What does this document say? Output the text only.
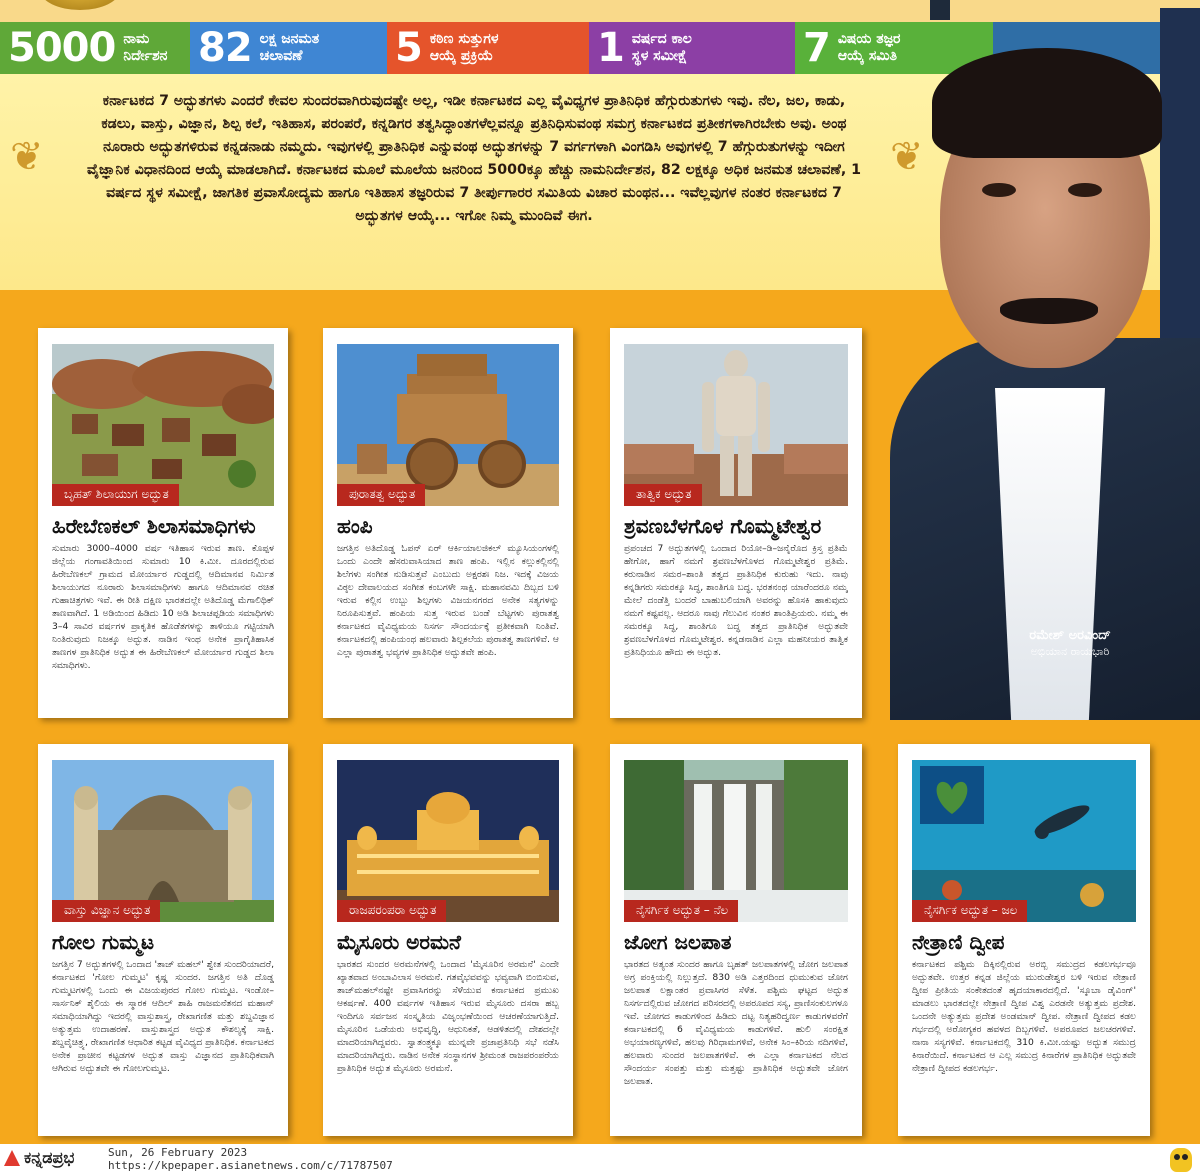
5000 ನಾಮ
ನಿರ್ದೇಶನ 82 ಲಕ್ಷ ಜನಮತ
ಚಲಾವಣೆ	5 ಕಠಿಣ ಸುತ್ತುಗಳ
ಆಯ್ಕೆ ಪ್ರಕ್ರಿಯೆ	1 ವರ್ಷದ ಕಾಲ
ಸ್ಥಳ ಸಮೀಕ್ಷೆ	7 ವಿಷಯ ತಜ್ಞರ
ಆಯ್ಕೆ ಸಮಿತಿ
❦	❦

ಕರ್ನಾಟಕದ 7 ಅದ್ಭುತಗಳು ಎಂದರೆ ಕೇವಲ ಸುಂದರವಾಗಿರುವುದಷ್ಟೇ ಅಲ್ಲ, ಇಡೀ ಕರ್ನಾಟಕದ ಎಲ್ಲ ವೈವಿಧ್ಯಗಳ ಪ್ರಾತಿನಿಧಿಕ ಹೆಗ್ಗುರುತುಗಳು ಇವು. ನೆಲ, ಜಲ, ಕಾಡು, ಕಡಲು, ವಾಸ್ತು, ವಿಜ್ಞಾನ, ಶಿಲ್ಪ ಕಲೆ, ಇತಿಹಾಸ, ಪರಂಪರೆ, ಕನ್ನಡಿಗರ ತತ್ವಸಿದ್ಧಾಂತಗಳೆಲ್ಲವನ್ನೂ ಪ್ರತಿನಿಧಿಸುವಂಥ ಸಮಗ್ರ ಕರ್ನಾಟಕದ ಪ್ರತೀಕಗಳಾಗಿರಬೇಕು ಅವು. ಅಂಥ ನೂರಾರು ಅದ್ಭುತಗಳಿರುವ ಕನ್ನಡನಾಡು ನಮ್ಮದು. ಇವುಗಳಲ್ಲಿ ಪ್ರಾತಿನಿಧಿಕ ಎನ್ನುವಂಥ ಅದ್ಭುತಗಳನ್ನು 7 ವರ್ಗಗಳಾಗಿ ವಿಂಗಡಿಸಿ ಅವುಗಳಲ್ಲಿ 7 ಹೆಗ್ಗುರುತುಗಳನ್ನು ಇದೀಗ ವೈಜ್ಞಾನಿಕ ವಿಧಾನದಿಂದ ಆಯ್ಕೆ ಮಾಡಲಾಗಿದೆ. ಕರ್ನಾಟಕದ ಮೂಲೆ ಮೂಲೆಯ ಜನರಿಂದ 5000ಕ್ಕೂ ಹೆಚ್ಚು ನಾಮನಿರ್ದೇಶನ, 82 ಲಕ್ಷಕ್ಕೂ ಅಧಿಕ ಜನಮತ ಚಲಾವಣೆ, 1 ವರ್ಷದ ಸ್ಥಳ ಸಮೀಕ್ಷೆ, ಜಾಗತಿಕ ಪ್ರವಾಸೋದ್ಯಮ ಹಾಗೂ ಇತಿಹಾಸ ತಜ್ಞರಿರುವ 7 ತೀರ್ಪುಗಾರರ ಸಮಿತಿಯ ವಿಚಾರ ಮಂಥನ... ಇವೆಲ್ಲವುಗಳ ನಂತರ ಕರ್ನಾಟಕದ 7 ಅದ್ಭುತಗಳ ಆಯ್ಕೆ... ಇಗೋ ನಿಮ್ಮ ಮುಂದಿವೆ ಈಗ.

ರಮೇಶ್ ಅರವಿಂದ್
ಅಭಿಯಾನ ರಾಯಭಾರಿ
ಬೃಹತ್ ಶಿಲಾಯುಗ ಅದ್ಭುತ
ಹಿರೇಬೆಣಕಲ್ ಶಿಲಾಸಮಾಧಿಗಳು

ಸುಮಾರು 3000–4000 ವರ್ಷ ಇತಿಹಾಸ ಇರುವ ತಾಣ. ಕೊಪ್ಪಳ ಜಿಲ್ಲೆಯ ಗಂಗಾವತಿಯಿಂದ ಸುಮಾರು 10 ಕಿ.ಮೀ. ದೂರದಲ್ಲಿರುವ ಹಿರೇಬೆಣಕಲ್ ಗ್ರಾಮದ ಮೋರ್ಯಾರ ಗುಡ್ಡದಲ್ಲಿ ಆದಿಮಾನವ ನಿರ್ಮಿತ ಶಿಲಾಯುಗದ ನೂರಾರು ಶಿಲಾಸಮಾಧಿಗಳು ಹಾಗೂ ಆದಿಮಾನವ ರಚಿತ ಗುಹಾಚಿತ್ರಗಳು ಇವೆ. ಈ ರೀತಿ ದಕ್ಷಿಣ ಭಾರತದಲ್ಲೇ ಅತಿದೊಡ್ಡ ಮೆಗಾಲಿಥಿಕ್ ತಾಣವಾಗಿದೆ. 1 ಅಡಿಯಿಂದ ಹಿಡಿದು 10 ಅಡಿ ಶಿಲಾಚಪ್ಪಡಿಯ ಸಮಾಧಿಗಳು 3–4 ಸಾವಿರ ವರ್ಷಗಳ ಪ್ರಾಕೃತಿಕ ಹೊಡೆತಗಳನ್ನು ತಾಳಿಯೂ ಗಟ್ಟಿಯಾಗಿ ನಿಂತಿರುವುದು ನಿಜಕ್ಕೂ ಅದ್ಭುತ. ನಾಡಿನ ಇಂಥ ಅನೇಕ ಪ್ರಾಗೈತಿಹಾಸಿಕ ತಾಣಗಳ ಪ್ರಾತಿನಿಧಿಕ ಅದ್ಭುತ ಈ ಹಿರೇಬೆಣಕಲ್ ಮೋರ್ಯಾರ ಗುಡ್ಡದ ಶಿಲಾ ಸಮಾಧಿಗಳು.

ಪುರಾತತ್ವ ಅದ್ಭುತ
ಹಂಪಿ

ಜಗತ್ತಿನ ಅತಿದೊಡ್ಡ ಓಪನ್ ಏರ್ ಆರ್ಕಿಯಾಲಜಿಕಲ್ ಮ್ಯೂಸಿಯಂಗಳಲ್ಲಿ ಒಂದು ಎಂದೇ ಹೆಸರುವಾಸಿಯಾದ ತಾಣ ಹಂಪಿ. ಇಲ್ಲಿನ ಕಲ್ಲುಕಲ್ಲಿನಲ್ಲಿ ಶಿಲೆಗಳು ಸಂಗೀತ ನುಡಿಸುತ್ತವೆ ಎಂಬುದು ಅಕ್ಷರಶಃ ನಿಜ. ಇದಕ್ಕೆ ವಿಜಯ ವಿಠ್ಠಲ ದೇವಾಲಯದ ಸಂಗೀತ ಕಂಬಗಳೇ ಸಾಕ್ಷಿ. ಮಹಾನವಮಿ ದಿಬ್ಬದ ಬಳಿ ಇರುವ ಕಲ್ಲಿನ ಉಬ್ಬು ಶಿಲ್ಪಗಳು ವಿಜಯನಗರದ ಅನೇಕ ಸತ್ಯಗಳನ್ನು ನಿರೂಪಿಸುತ್ತವೆ. ಹಂಪಿಯ ಸುತ್ತ ಇರುವ ಬಂಡೆ ಬೆಟ್ಟಗಳು ಪುರಾತತ್ವ ಕರ್ನಾಟಕದ ವೈವಿಧ್ಯಮಯ ನಿಸರ್ಗ ಸೌಂದರ್ಯಕ್ಕೆ ಪ್ರತೀಕವಾಗಿ ನಿಂತಿವೆ. ಕರ್ನಾಟಕದಲ್ಲಿ ಹಂಪಿಯಂಥ ಹಲವಾರು ಶಿಲ್ಪಕಲೆಯ ಪುರಾತತ್ವ ತಾಣಗಳಿವೆ. ಆ ಎಲ್ಲಾ ಪುರಾತತ್ವ ಭವ್ಯಗಳ ಪ್ರಾತಿನಿಧಿಕ ಅದ್ಭುತವೇ ಹಂಪಿ.

ತಾತ್ವಿಕ ಅದ್ಭುತ
ಶ್ರವಣಬೆಳಗೊಳ ಗೊಮ್ಮಟೇಶ್ವರ

ಪ್ರಪಂಚದ 7 ಅದ್ಭುತಗಳಲ್ಲಿ ಒಂದಾದ ರಿಯೋ–ಡಿ–ಜನೈರೊದ ಕ್ರಿಸ್ತ ಪ್ರತಿಮೆ ಹೇಗೋ, ಹಾಗೆ ನಮಗೆ ಶ್ರವಣಬೆಳಗೊಳದ ಗೊಮ್ಮಟೇಶ್ವರ ಪ್ರತಿಮೆ. ಕರುನಾಡಿನ ಸಮರ–ಶಾಂತಿ ತತ್ವದ ಪ್ರಾತಿನಿಧಿಕ ಕುರುಹು ಇದು. ನಾವು ಕನ್ನಡಿಗರು ಸಮರಕ್ಕೂ ಸಿದ್ಧ, ಶಾಂತಿಗೂ ಬದ್ಧ. ಭರತನಂಥ ಯಾರೆಂದರೂ ನಮ್ಮ ಮೇಲೆ ದಂಡೆತ್ತಿ ಬಂದರೆ ಬಾಹುಬಲಿಯಾಗಿ ಅವರನ್ನು ಹೊಸಕಿ ಹಾಕುವುದು ನಮಗೆ ಕಷ್ಟವಲ್ಲ. ಆದರೂ ನಾವು ಗೆಲುವಿನ ನಂತರ ಶಾಂತಿಪ್ರಿಯರು. ನಮ್ಮ ಈ ಸಮರಕ್ಕೂ ಸಿದ್ಧ, ಶಾಂತಿಗೂ ಬದ್ಧ ತತ್ವದ ಪ್ರಾತಿನಿಧಿಕ ಅದ್ಭುತವೇ ಶ್ರವಣಬೆಳಗೊಳದ ಗೊಮ್ಮಟೇಶ್ವರ. ಕನ್ನಡನಾಡಿನ ಎಲ್ಲಾ ಮಹನೀಯರ ತಾತ್ವಿಕ ಪ್ರತಿನಿಧಿಯೂ ಹೌದು ಈ ಅದ್ಭುತ.

ವಾಸ್ತು ವಿಜ್ಞಾನ ಅದ್ಭುತ
ಗೋಲ ಗುಮ್ಮಟ

ಜಗತ್ತಿನ 7 ಅದ್ಭುತಗಳಲ್ಲಿ ಒಂದಾದ 'ತಾಜ್ ಮಹಲ್' ಶ್ವೇತ ಸುಂದರಿಯಾದರೆ, ಕರ್ನಾಟಕದ 'ಗೋಲ ಗುಮ್ಮಟ' ಕೃಷ್ಣ ಸುಂದರ. ಜಗತ್ತಿನ ಅತಿ ದೊಡ್ಡ ಗುಮ್ಮಟಗಳಲ್ಲಿ ಒಂದು ಈ ವಿಜಯಪುರದ ಗೋಲ ಗುಮ್ಮಟ. ಇಂಡೋ–ಸಾರ್ಸನಿಕ್ ಶೈಲಿಯ ಈ ಸ್ಮಾರಕ ಆದಿಲ್ ಶಾಹಿ ರಾಜಮನೆತನದ ಮಹಾನ್ ಸಮಾಧಿಯಾಗಿದ್ದು ಇದರಲ್ಲಿ ವಾಸ್ತುಶಾಸ್ತ್ರ, ರೇಖಾಗಣಿತ ಮತ್ತು ಶಬ್ದವಿಜ್ಞಾನ ಅತ್ಯುತ್ತಮ ಉದಾಹರಣೆ. ವಾಸ್ತುಶಾಸ್ತ್ರದ ಅದ್ಭುತ ಕೌಶಲ್ಯಕ್ಕೆ ಸಾಕ್ಷಿ. ಶಬ್ದವೈಚಿತ್ರ್ಯ, ರೇಖಾಗಣಿತ ಆಧಾರಿತ ಕಟ್ಟಡ ವೈವಿಧ್ಯದ ಪ್ರಾತಿನಿಧಿಕ. ಕರ್ನಾಟಕದ ಅನೇಕ ಪ್ರಾಚೀನ ಕಟ್ಟಡಗಳ ಅದ್ಭುತ ವಾಸ್ತು ವಿಜ್ಞಾನದ ಪ್ರಾತಿನಿಧಿಕವಾಗಿ ಆಗಿರುವ ಅದ್ಭುತವೇ ಈ ಗೋಲಗುಮ್ಮಟ.

ರಾಜಪರಂಪರಾ ಅದ್ಭುತ
ಮೈಸೂರು ಅರಮನೆ

ಭಾರತದ ಸುಂದರ ಅರಮನೆಗಳಲ್ಲಿ ಒಂದಾದ 'ಮೈಸೂರಿನ ಅರಮನೆ' ಎಂದೇ ಖ್ಯಾತವಾದ ಅಂಬಾವಿಲಾಸ ಅರಮನೆ. ಗತವೈಭವವನ್ನು ಭವ್ಯವಾಗಿ ಬಿಂಬಿಸುವ, ತಾಜ್‌ಮಹಲ್‌ನಷ್ಟೇ ಪ್ರವಾಸಿಗರನ್ನು ಸೆಳೆಯುವ ಕರ್ನಾಟಕದ ಪ್ರಮುಖ ಆಕರ್ಷಣೆ. 400 ವರ್ಷಗಳ ಇತಿಹಾಸ ಇರುವ ಮೈಸೂರು ದಸರಾ ಹಬ್ಬ ಇಂದಿಗೂ ಸರ್ವಜನ ಸಂಸ್ಕೃತಿಯ ವಿಜೃಂಭಣೆಯಿಂದ ಆಚರಣೆಯಾಗುತ್ತಿದೆ. ಮೈಸೂರಿನ ಒಡೆಯರು ಅಭಿವೃದ್ಧಿ, ಆಧುನಿಕತೆ, ಆಡಳಿತದಲ್ಲಿ ದೇಶದಲ್ಲೇ ಮಾದರಿಯಾಗಿದ್ದವರು. ಸ್ವಾತಂತ್ರ್ಯಕ್ಕೂ ಮುನ್ನವೇ ಪ್ರಜಾಪ್ರತಿನಿಧಿ ಸಭೆ ನಡೆಸಿ ಮಾದರಿಯಾಗಿದ್ದರು. ನಾಡಿನ ಅನೇಕ ಸಂಸ್ಥಾನಗಳ ಶ್ರೀಮಂತ ರಾಜಪರಂಪರೆಯ ಪ್ರಾತಿನಿಧಿಕ ಅದ್ಭುತ ಮೈಸೂರು ಅರಮನೆ.

ನೈಸರ್ಗಿಕ ಅದ್ಭುತ – ನೆಲ
ಜೋಗ ಜಲಪಾತ

ಭಾರತದ ಅತ್ಯಂತ ಸುಂದರ ಹಾಗೂ ಬೃಹತ್ ಜಲಪಾತಗಳಲ್ಲಿ ಜೋಗ ಜಲಪಾತ ಅಗ್ರ ಪಂಕ್ತಿಯಲ್ಲಿ ನಿಲ್ಲುತ್ತದೆ. 830 ಅಡಿ ಎತ್ತರದಿಂದ ಧುಮುಕುವ ಜೋಗ ಜಲಪಾತ ಲಕ್ಷಾಂತರ ಪ್ರವಾಸಿಗರ ಸೆಳೆತ. ಪಶ್ಚಿಮ ಘಟ್ಟದ ಅದ್ಭುತ ನಿಸರ್ಗದಲ್ಲಿರುವ ಜೋಗದ ಪರಿಸರದಲ್ಲಿ ಅಪರೂಪದ ಸಸ್ಯ, ಪ್ರಾಣಿಸಂಕುಲಗಳೂ ಇವೆ. ಜೋಗದ ಕಾಡುಗಳಿಂದ ಹಿಡಿದು ದಟ್ಟ ನಿತ್ಯಹರಿದ್ವರ್ಣ ಕಾಡುಗಳವರೆಗೆ ಕರ್ನಾಟಕದಲ್ಲಿ 6 ವೈವಿಧ್ಯಮಯ ಕಾಡುಗಳಿವೆ. ಹುಲಿ ಸಂರಕ್ಷಿತ ಅಭಯಾರಣ್ಯಗಳಿವೆ, ಹಲವು ಗಿರಿಧಾಮಗಳಿವೆ, ಅನೇಕ ಸಿಂ–ಕಿರಿಯ ನದಿಗಳಿವೆ, ಹಲವಾರು ಸುಂದರ ಜಲಪಾತಗಳಿವೆ. ಈ ಎಲ್ಲಾ ಕರ್ನಾಟಕದ ನೆಲದ ಸೌಂದರ್ಯ ಸಂಪತ್ತು ಮತ್ತು ಮತ್ತಷ್ಟು ಪ್ರಾತಿನಿಧಿಕ ಅದ್ಭುತವೇ ಜೋಗ ಜಲಪಾತ.

ನೈಸರ್ಗಿಕ ಅದ್ಭುತ – ಜಲ
ನೇತ್ರಾಣಿ ದ್ವೀಪ

ಕರ್ನಾಟಕದ ಪಶ್ಚಿಮ ದಿಕ್ಕಿನಲ್ಲಿರುವ ಅರಬ್ಬಿ ಸಮುದ್ರದ ಕಡಲಗರ್ಭವೂ ಅದ್ಭುತವೇ. ಉತ್ತರ ಕನ್ನಡ ಜಿಲ್ಲೆಯ ಮುರುಡೇಶ್ವರ ಬಳಿ ಇರುವ ನೇತ್ರಾಣಿ ದ್ವೀಪ ಪ್ರೀತಿಯ ಸಂಕೇತದಂತೆ ಹೃದಯಾಕಾರದಲ್ಲಿದೆ. 'ಸ್ಕೂಬಾ ಡೈವಿಂಗ್' ಮಾಡಲು ಭಾರತದಲ್ಲೇ ನೇತ್ರಾಣಿ ದ್ವೀಪ ವಿಶ್ವ ಎರಡನೇ ಅತ್ಯುತ್ತಮ ಪ್ರದೇಶ. ಒಂದನೇ ಅತ್ಯುತ್ತಮ ಪ್ರದೇಶ ಅಂಡಮಾನ್ ದ್ವೀಪ. ನೇತ್ರಾಣಿ ದ್ವೀಪದ ಕಡಲ ಗರ್ಭದಲ್ಲಿ ಅರೋಗ್ಯಕರ ಹವಳದ ದಿಬ್ಬಗಳಿವೆ. ಅಪರೂಪದ ಜಲಚರಗಳಿವೆ. ನಾನಾ ಸಸ್ಯಗಳಿವೆ. ಕರ್ನಾಟಕದಲ್ಲಿ 310 ಕಿ.ಮೀ.ಯಷ್ಟು ಅದ್ಭುತ ಸಮುದ್ರ ಕಿನಾರೆಯಿದೆ. ಕರ್ನಾಟಕದ ಆ ಎಲ್ಲ ಸಮುದ್ರ ಕಿನಾರೆಗಳ ಪ್ರಾತಿನಿಧಿಕ ಅದ್ಭುತವೇ ನೇತ್ರಾಣಿ ದ್ವೀಪದ ಕಡಲಗರ್ಭ.

ಕನ್ನಡಪ್ರಭ	Sun, 26 February 2023
https://kpepaper.asianetnews.com/c/71787507
